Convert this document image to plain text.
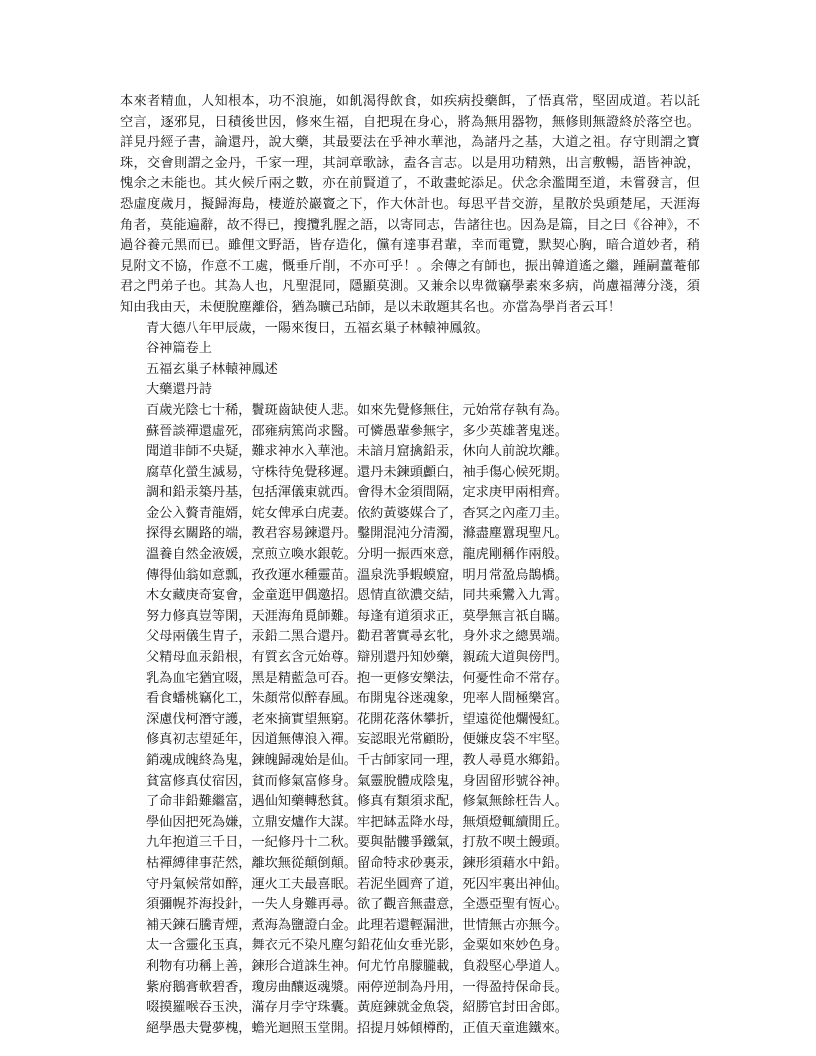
本來者精血，人知根本，功不浪施，如飢渴得飲食，如疾病投藥餌，了悟真常，堅固成道。若以託空言，逐邪見，日積後世因，修來生福，自把現在身心，將為無用器物，無修則無證終於落空也。詳見丹經子書，論還丹，說大藥，其最要法在乎神水華池，為諸丹之基，大道之祖。存守則謂之寶珠，交會則謂之金丹，千家一理，其詞章歌詠，盍各言志。以是用功精熟，出言敷暢，語皆神說，愧余之未能也。其火候斤兩之數，亦在前賢道了，不敢畫蛇添足。伏念余濫聞至道，未嘗發言，但恐虛度歲月，擬歸海島，棲遊於巖竇之下，作大休計也。每思平昔交游，星散於吳頭楚尾，天涯海角者，莫能遍辭，故不得已，搜攬乳腥之語，以寄同志，告諸往也。因為是篇，目之曰《谷神》，不過谷養元黑而已。雖俚文野語，皆存造化，儻有達事君輩，幸而電覽，默契心胸，暗合道妙者，稍見附文不協，作意不工處，慨垂斤削，不亦可乎！。余傳之有師也，振出韓道遙之繼，踵嗣薑菴郁君之門弟子也。其為人也，凡聖混同，隱顯莫測。又兼余以卑微竊學素來多病，尚慮福薄分淺，須知由我由天，未便脫塵離俗，猶為曠己玷師，是以未敢題其名也。亦當為學肖者云耳！

青大德八年甲辰歲，一陽來復日，五福玄巢子林轅神鳳敘。

谷神篇卷上

五福玄巢子林轅神鳳述

大藥還丹詩

百歲光陰七十稀，鬢斑齒缺使人悲。如來先覺修無住，元始常存執有為。
蘇晉談禪還虛死，邵雍病篤尚求醫。可憐愚輩參無字，多少英雄著鬼迷。
聞道非師不央疑，難求神水入華池。未諳月窟擒鉛汞，休向人前說坎離。
腐草化螢生滅易，守株待兔覺移遲。還丹未鍊頭顱白，袖手傷心候死期。
調和鉛汞築丹基，包括渾儀東就西。會得木金須間隔，定求庚甲兩相齊。
金公入贅青龍婿，姹女俾承白虎妻。依約黃婆媒合了，杳冥之內產刀圭。
探得玄關路的端，教君容易鍊還丹。鑿開混沌分清濁，滌盡塵囂現聖凡。
溫養自然金液媛，烹煎立喚水銀乾。分明一振西來意，龍虎剛稱作兩般。
傳得仙翁如意瓢，孜孜運水種靈苗。溫泉洗爭蝦蟆窟，明月常盈烏鵲橋。
木女藏庚奇宴會，金童逛甲偶邀招。恩情直欲濃交結，同共乘鸞入九霄。
努力修真豈等閑，天涯海角覓師難。每逢有道須求正，莫學無言祇自瞞。
父母兩儀生胄子，汞鉛二黑合還丹。勸君著實尋玄牝，身外求之總異端。
父精母血汞鉛根，有質玄含元始尊。辯別還丹知妙藥，親疏大道與傍門。
乳為血宅猶宜啜，黑是精藍急可吞。抱一更修安樂法，何憂性命不常存。
看食蟠桃竊化工，朱顏常似醉春風。布開鬼谷迷魂象，兜率人間極樂宮。
深慮伐柯潛守護，老來摘實望無窮。花開花落休攀折，望遠從他爛慢紅。
修真初志望延年，因道無傳浪入禪。妄認眼光常顧盼，便嫌皮袋不牢堅。
銷魂成魄終為鬼，鍊魄歸魂始是仙。千古師家同一理，教人尋覓水鄉鉛。
貧富修真仗宿因，貧而修氣富修身。氣靈脫體成陰鬼，身固留形號谷神。
了命非鉛難繼富，遇仙知藥轉愁貧。修真有類須求配，修氣無餘枉告人。
學仙因把死為嫌，立鼎安爐作大謀。牢把缽盂降水母，無煩燈輒續閒丘。
九年抱道三千日，一紀修丹十二秋。要與骷髏爭鐵氣，打敖不喫土饅頭。
枯禪縛律事茫然，離坎無從顛倒顛。留命特求砂裏汞，鍊形須藉水中鉛。
守丹氣候常如醉，運火工夫最喜眠。若泥坐圓齊了道，死囚牢裏出神仙。
須彌幌芥海投針，一失人身難再尋。欲了觀音無盡意，全憑亞聖有恆心。
補天鍊石騰青煙，煮海為鹽證白金。此理若還輕漏泄，世情無古亦無今。
太一含靈化玉真，舞衣元不染凡塵匀鉛花仙女垂光影，金粟如來妙色身。
利物有功稱上善，鍊形合道誅生神。何尤竹帛朦朧載，負殺堅心學道人。
紫府鵝膏軟碧香，瓊房曲釀返魂漿。兩停逆制為丹用，一得盈持保命長。
啜摸羅喉吞玉泱，滿存月孛守珠囊。黃庭鍊就金魚袋，紹勝官封田舍郎。
絕學愚夫覺夢槐，蟾光迴照玉堂開。招提月姊傾樽酌，正值天童進鐵來。
